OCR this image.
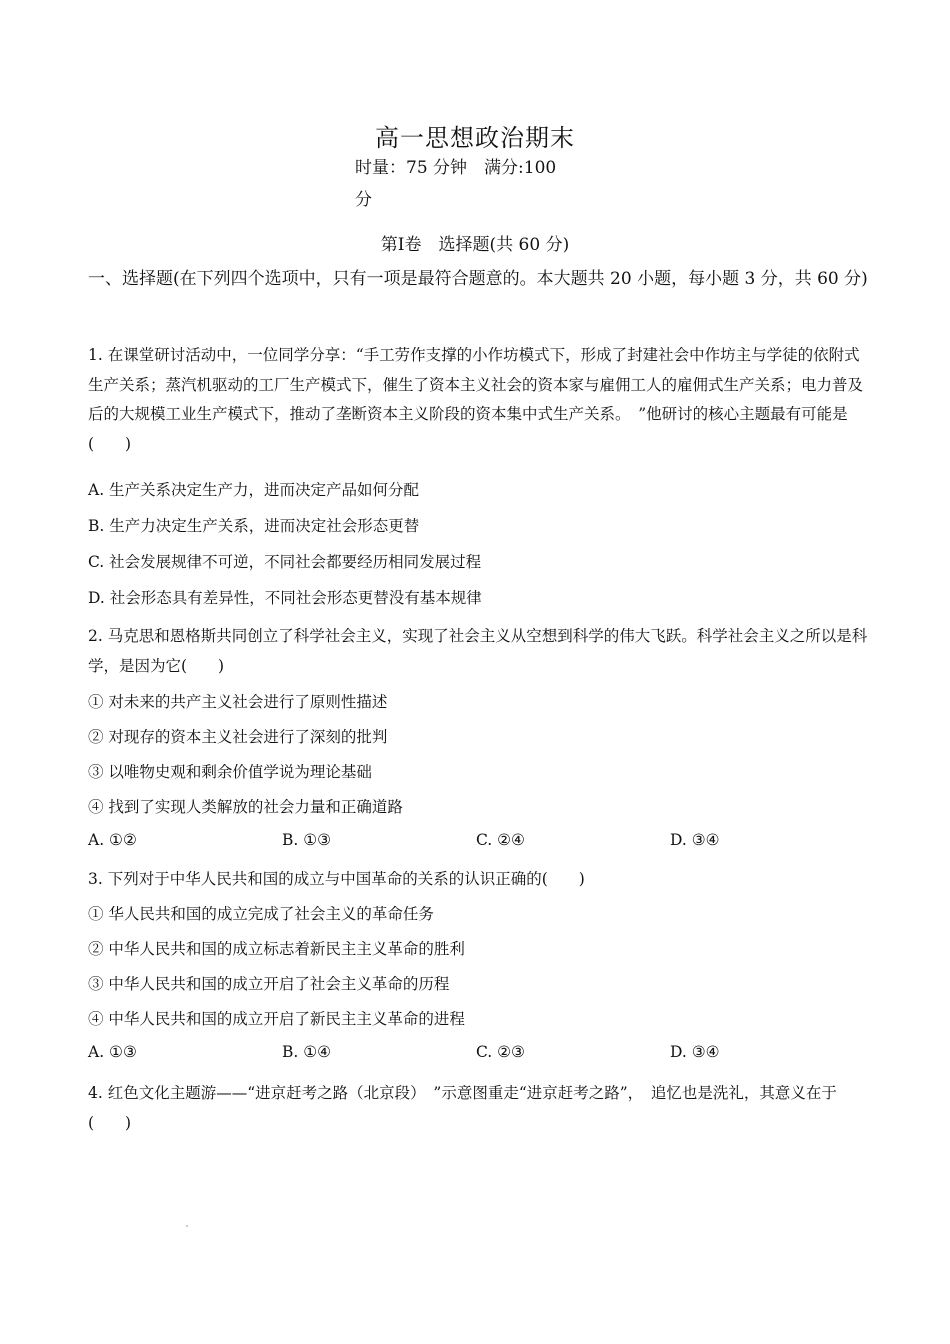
高一思想政治期末
时量：75 分钟　满分:100
分
第Ⅰ卷　选择题(共 60 分)
一、选择题(在下列四个选项中，只有一项是最符合题意的。本大题共 20 小题，每小题 3 分，共 60 分)
1. 在课堂研讨活动中，一位同学分享：“手工劳作支撑的小作坊模式下，形成了封建社会中作坊主与学徒的依附式生产关系；蒸汽机驱动的工厂生产模式下，催生了资本主义社会的资本家与雇佣工人的雇佣式生产关系；电力普及后的大规模工业生产模式下，推动了垄断资本主义阶段的资本集中式生产关系。　”他研讨的核心主题最有可能是(　　)
A. 生产关系决定生产力，进而决定产品如何分配
B. 生产力决定生产关系，进而决定社会形态更替
C. 社会发展规律不可逆，不同社会都要经历相同发展过程
D. 社会形态具有差异性，不同社会形态更替没有基本规律
2. 马克思和恩格斯共同创立了科学社会主义，实现了社会主义从空想到科学的伟大飞跃。科学社会主义之所以是科学，是因为它(　　)
① 对未来的共产主义社会进行了原则性描述
② 对现存的资本主义社会进行了深刻的批判
③ 以唯物史观和剩余价值学说为理论基础
④ 找到了实现人类解放的社会力量和正确道路
A. ①②	B. ①③	C. ②④	D. ③④
3. 下列对于中华人民共和国的成立与中国革命的关系的认识正确的(　　)
① 华人民共和国的成立完成了社会主义的革命任务
② 中华人民共和国的成立标志着新民主主义革命的胜利
③ 中华人民共和国的成立开启了社会主义革命的历程
④ 中华人民共和国的成立开启了新民主主义革命的进程
A. ①③	B. ①④	C. ②③	D. ③④
4. 红色文化主题游——“进京赶考之路（北京段）　”示意图重走“进京赶考之路”，　追忆也是洗礼，其意义在于(　　)
